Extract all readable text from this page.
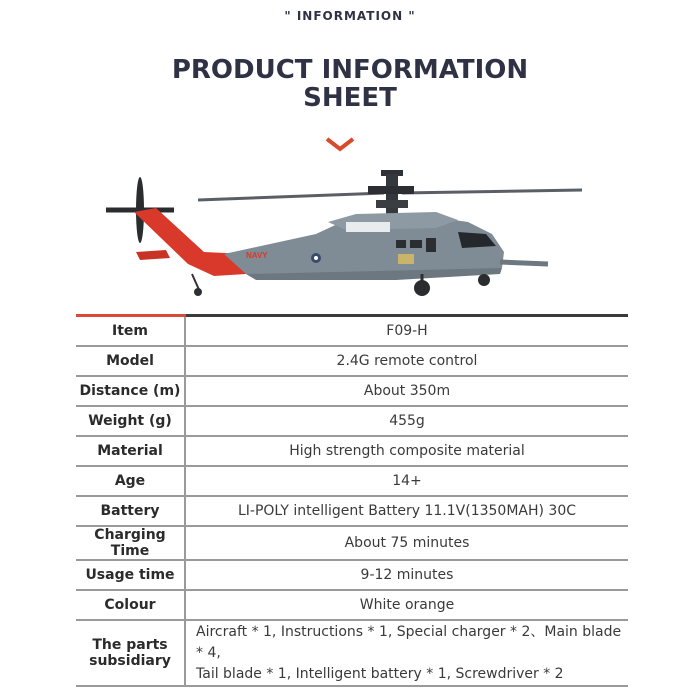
" INFORMATION "
PRODUCT INFORMATION
SHEET
NAVY
Item	F09-H
Model	2.4G remote control
Distance (m)	About 350m
Weight (g)	455g
Material	High strength composite material
Age	14+
Battery	LI-POLY intelligent Battery 11.1V(1350MAH) 30C
Charging Time	About 75 minutes
Usage time	9-12 minutes
Colour	White orange
The parts subsidiary	Aircraft * 1, Instructions * 1, Special charger * 2、Main blade * 4,
Tail blade * 1, Intelligent battery * 1, Screwdriver * 2
